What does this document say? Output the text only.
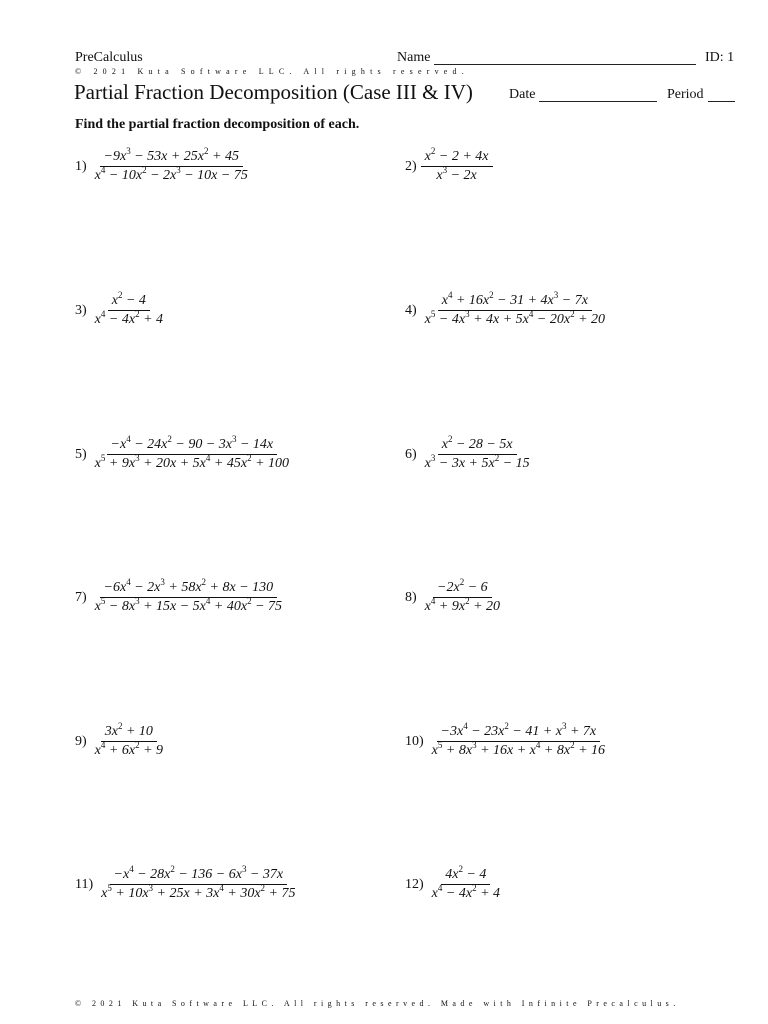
PreCalculus
© 2021 Kuta Software LLC. All rights reserved.
Name	ID: 1
Partial Fraction Decomposition (Case III & IV)	Date	Period
Find the partial fraction decomposition of each.
$1) \frac{-9x^3 - 53x + 25x^2 + 45}{x^4 - 10x^2 - 2x^3 - 10x - 75}$
$3) \frac{x^2 - 4}{x^4 - 4x^2 + 4}$
$5) \frac{-x^4 - 24x^2 - 90 - 3x^3 - 14x}{x^5 + 9x^3 + 20x + 5x^4 + 45x^2 + 100}$
$7) \frac{-6x^4 - 2x^3 + 58x^2 + 8x - 130}{x^5 - 8x^3 + 15x - 5x^4 + 40x^2 - 75}$
$9) \frac{3x^2 + 10}{x^4 + 6x^2 + 9}$
$11) \frac{-x^4 - 28x^2 - 136 - 6x^3 - 37x}{x^5 + 10x^3 + 25x + 3x^4 + 30x^2 + 75}$
$2) \frac{x^2 - 2 + 4x}{x^3 - 2x}$
$4) \frac{x^4 + 16x^2 - 31 + 4x^3 - 7x}{x^5 - 4x^3 + 4x + 5x^4 - 20x^2 + 20}$
$6) \frac{x^2 - 28 - 5x}{x^3 - 3x + 5x^2 - 15}$
$8) \frac{-2x^2 - 6}{x^4 + 9x^2 + 20}$
$10) \frac{-3x^4 - 23x^2 - 41 + x^3 + 7x}{x^5 + 8x^3 + 16x + x^4 + 8x^2 + 16}$
$12) \frac{4x^2 - 4}{x^4 - 4x^2 + 4}$
© 2021 Kuta Software LLC. All rights reserved. Made with Infinite Precalculus.
